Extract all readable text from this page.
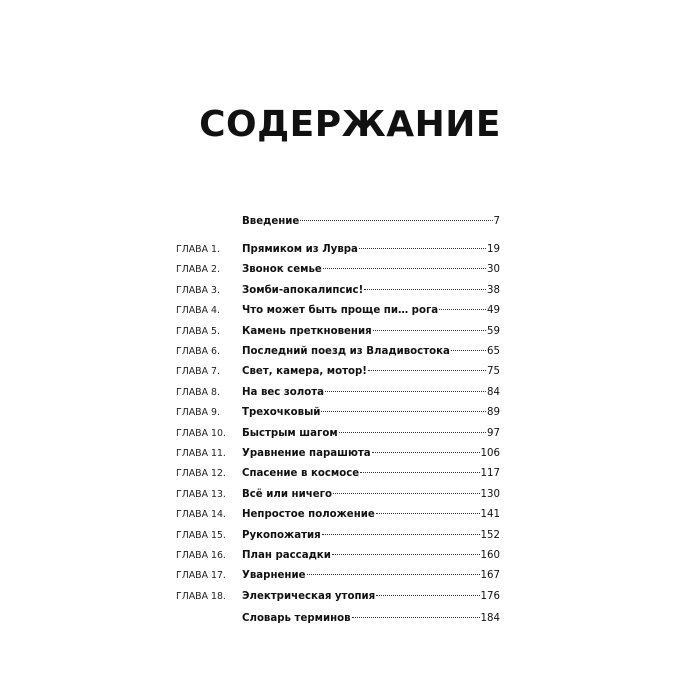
СОДЕРЖАНИЕ
Введение	7
ГЛАВА 1.	Прямиком из Лувра	19
ГЛАВА 2.	Звонок семье	30
ГЛАВА 3.	Зомби-апокалипсис!	38
ГЛАВА 4.	Что может быть проще пи… рога	49
ГЛАВА 5.	Камень преткновения	59
ГЛАВА 6.	Последний поезд из Владивостока	65
ГЛАВА 7.	Свет, камера, мотор!	75
ГЛАВА 8.	На вес золота	84
ГЛАВА 9.	Трехочковый	89
ГЛАВА 10.	Быстрым шагом	97
ГЛАВА 11.	Уравнение парашюта	106
ГЛАВА 12.	Спасение в космосе	117
ГЛАВА 13.	Всё или ничего	130
ГЛАВА 14.	Непростое положение	141
ГЛАВА 15.	Рукопожатия	152
ГЛАВА 16.	План рассадки	160
ГЛАВА 17.	Уварнение	167
ГЛАВА 18.	Электрическая утопия	176
Словарь терминов	184
